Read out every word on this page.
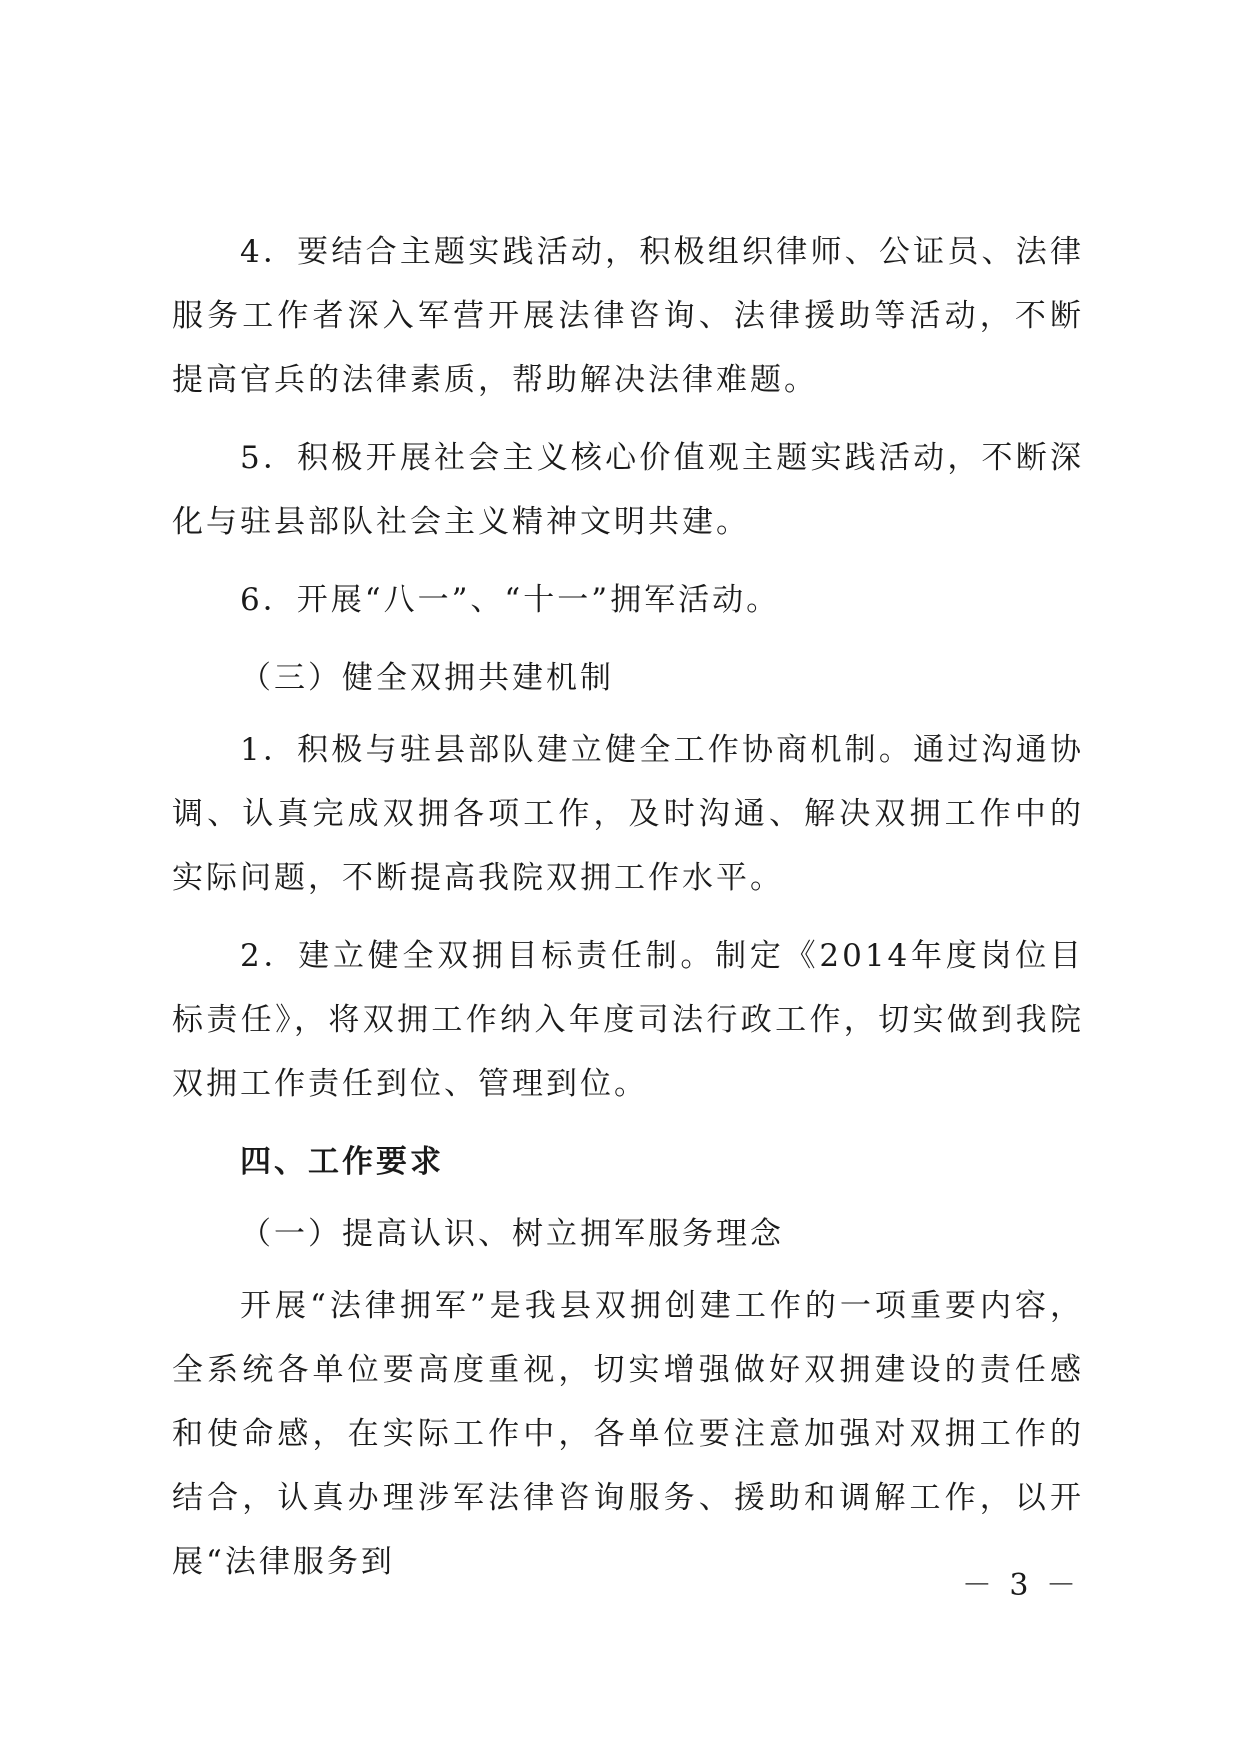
4．要结合主题实践活动，积极组织律师、公证员、法律服务工作者深入军营开展法律咨询、法律援助等活动，不断提高官兵的法律素质，帮助解决法律难题。

5．积极开展社会主义核心价值观主题实践活动，不断深化与驻县部队社会主义精神文明共建。

6．开展“八一”、“十一”拥军活动。

（三）健全双拥共建机制

1．积极与驻县部队建立健全工作协商机制。通过沟通协调、认真完成双拥各项工作，及时沟通、解决双拥工作中的实际问题，不断提高我院双拥工作水平。

2．建立健全双拥目标责任制。制定《2014年度岗位目标责任》，将双拥工作纳入年度司法行政工作，切实做到我院双拥工作责任到位、管理到位。

四、工作要求

（一）提高认识、树立拥军服务理念

开展“法律拥军”是我县双拥创建工作的一项重要内容，全系统各单位要高度重视，切实增强做好双拥建设的责任感和使命感，在实际工作中，各单位要注意加强对双拥工作的结合，认真办理涉军法律咨询服务、援助和调解工作，以开展“法律服务到

－ 3 －
